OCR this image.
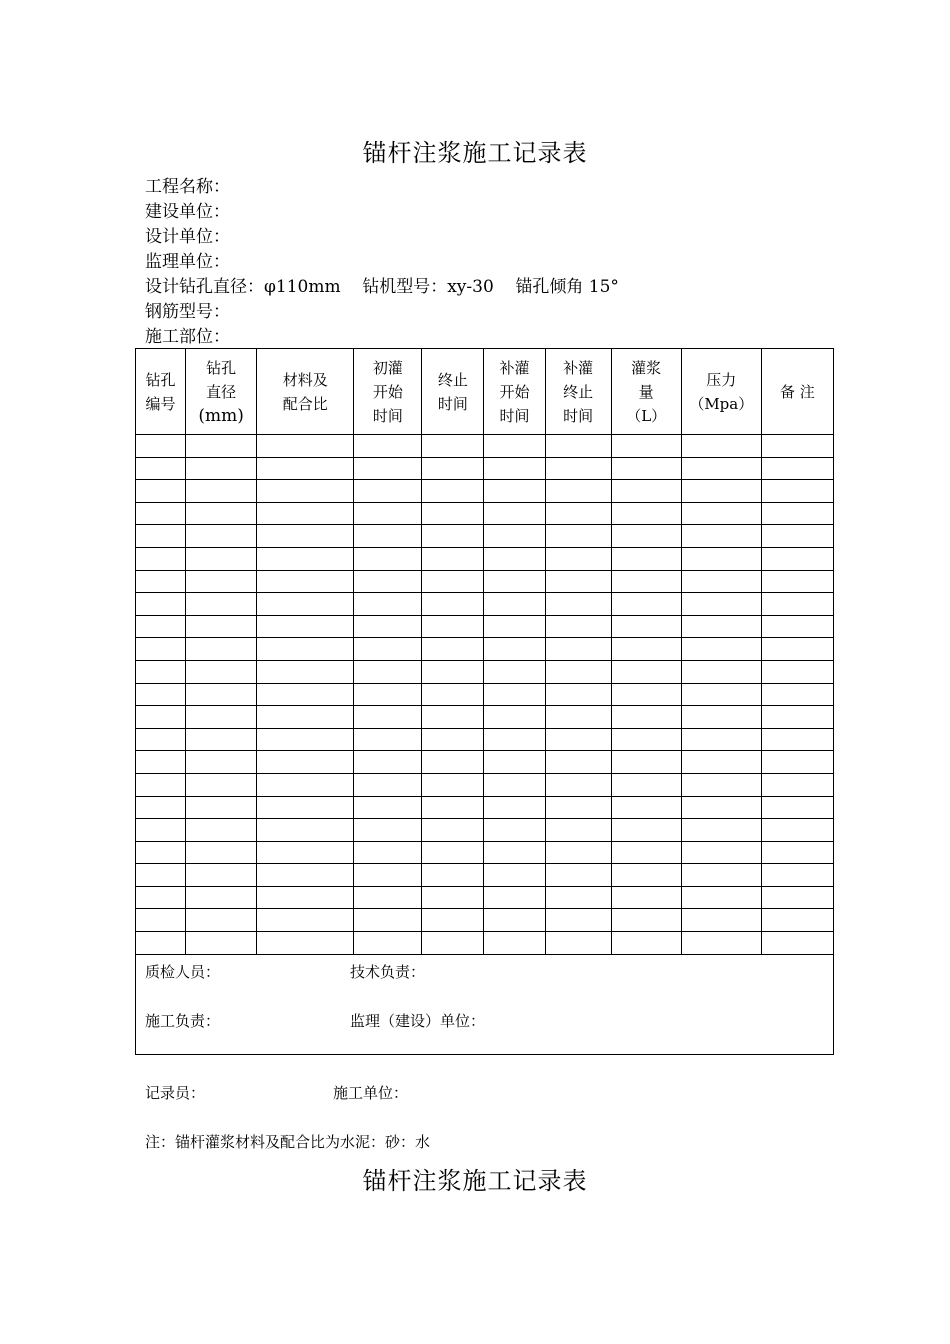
锚杆注浆施工记录表
工程名称：
建设单位：
设计单位：
监理单位：
设计钻孔直径：φ110mm    钻机型号：xy-30    锚孔倾角 15°
钢筋型号：
施工部位：
钻孔
编号	钻孔
直径
(mm)	材料及
配合比	初灌
开始
时间	终止
时间	补灌
开始
时间	补灌
终止
时间	灌浆
量
（L）	压力
（Mpa）	备 注

质检人员： 技术负责：
施工负责： 监理（建设）单位：									
记录员：	施工单位：
注：锚杆灌浆材料及配合比为水泥：砂：水
锚杆注浆施工记录表
